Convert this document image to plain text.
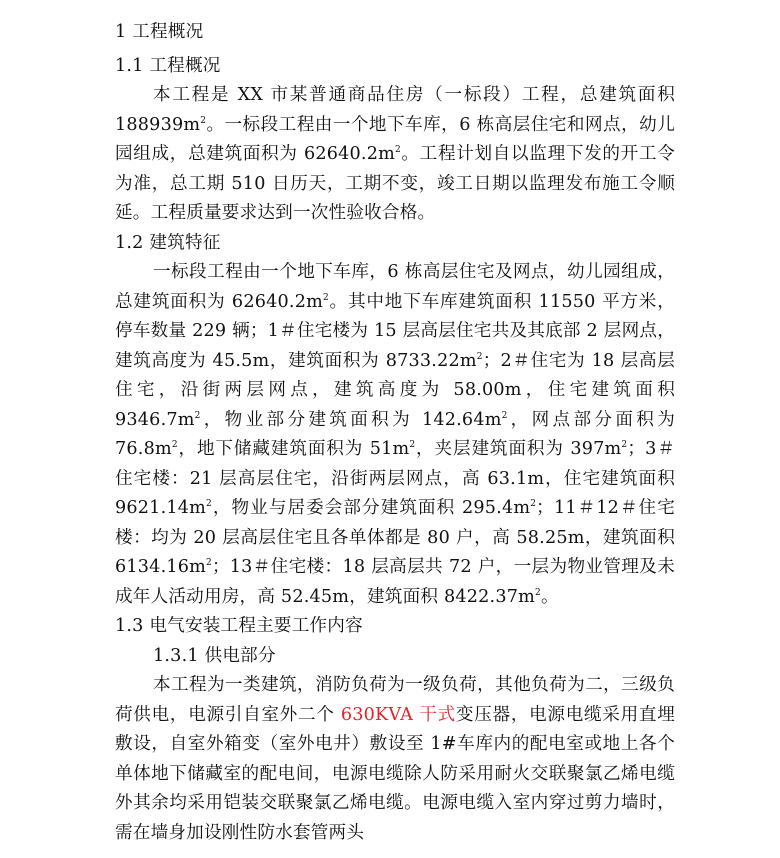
1 工程概况
1.1 工程概况

本工程是 XX 市某普通商品住房（一标段）工程，总建筑面积 $188939m^2$。一标段工程由一个地下车库，6 栋高层住宅和网点，幼儿园组成，总建筑面积为 $62640.2m^2$。工程计划自以监理下发的开工令为准，总工期 510 日历天，工期不变，竣工日期以监理发布施工令顺延。工程质量要求达到一次性验收合格。

1.2 建筑特征

一标段工程由一个地下车库，6 栋高层住宅及网点，幼儿园组成，总建筑面积为 $62640.2m^2$。其中地下车库建筑面积 11550 平方米，停车数量 229 辆；1＃住宅楼为 15 层高层住宅共及其底部 2 层网点，建筑高度为 45.5m，建筑面积为 $8733.22m^2$；2＃住宅为 18 层高层住宅，沿街两层网点，建筑高度为 58.00m，住宅建筑面积 $9346.7m^2$，物业部分建筑面积为 $142.64m^2$，网点部分面积为 $76.8m^2$，地下储藏建筑面积为 $51m^2$，夹层建筑面积为 $397m^2$；3＃住宅楼：21 层高层住宅，沿街两层网点，高 63.1m，住宅建筑面积 $9621.14m^2$，物业与居委会部分建筑面积 $295.4m^2$；11＃12＃住宅楼：均为 20 层高层住宅且各单体都是 80 户，高 58.25m，建筑面积 $6134.16m^2$；13＃住宅楼：18 层高层共 72 户，一层为物业管理及未成年人活动用房，高 52.45m，建筑面积 $8422.37m^2$。

1.3 电气安装工程主要工作内容
1.3.1 供电部分

本工程为一类建筑，消防负荷为一级负荷，其他负荷为二，三级负荷供电，电源引自室外二个 630KVA 干式变压器，电源电缆采用直埋敷设，自室外箱变（室外电井）敷设至 1#车库内的配电室或地上各个单体地下储藏室的配电间，电源电缆除人防采用耐火交联聚氯乙烯电缆外其余均采用铠装交联聚氯乙烯电缆。电源电缆入室内穿过剪力墙时，需在墙身加设刚性防水套管两头
